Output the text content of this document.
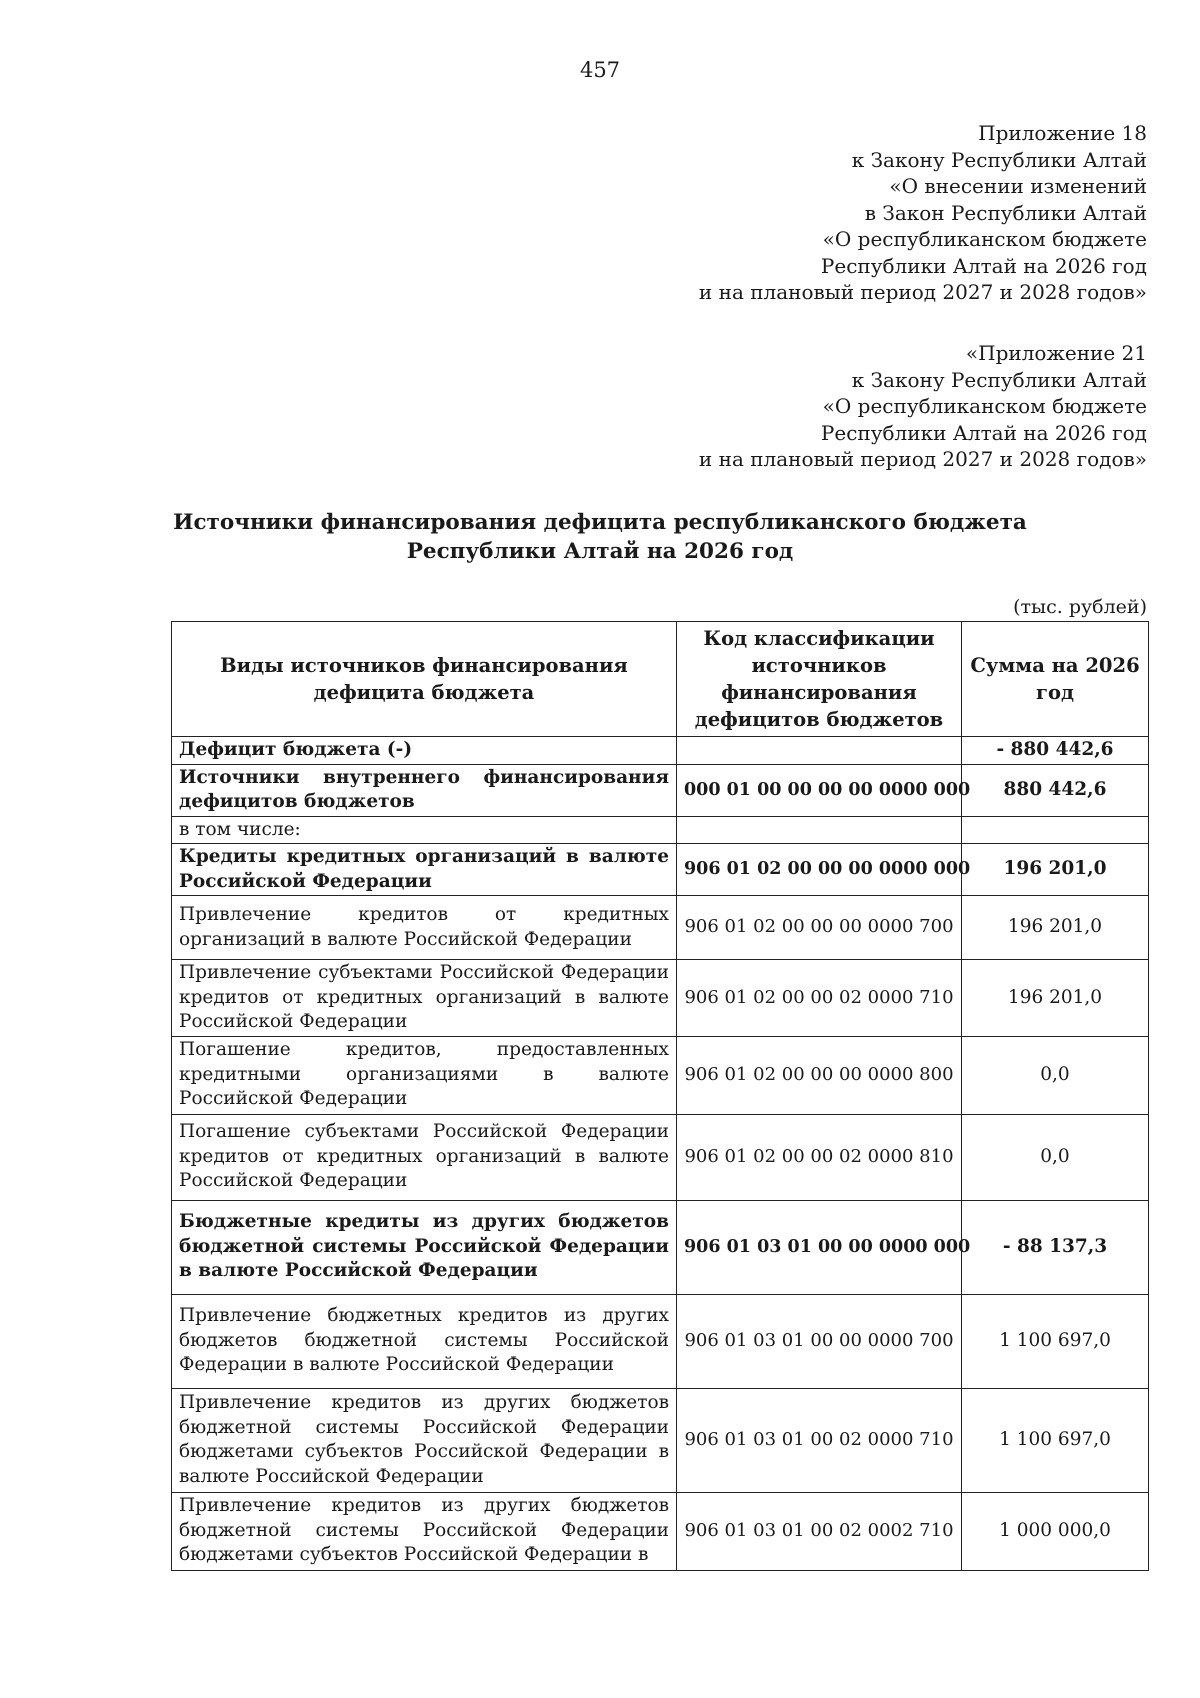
457
Приложение 18
к Закону Республики Алтай
«О внесении изменений
в Закон Республики Алтай
«О республиканском бюджете
Республики Алтай на 2026 год
и на плановый период 2027 и 2028 годов»
«Приложение 21
к Закону Республики Алтай
«О республиканском бюджете
Республики Алтай на 2026 год
и на плановый период 2027 и 2028 годов»
Источники финансирования дефицита республиканского бюджета
Республики Алтай на 2026 год
(тыс. рублей)
Виды источников финансирования дефицита бюджета	Код классификации источников финансирования дефицитов бюджетов	Сумма на 2026 год
Дефицит бюджета (-)		- 880 442,6
Источники внутреннего финансирования дефицитов бюджетов	000 01 00 00 00 00 0000 000	880 442,6
в том числе:		
Кредиты кредитных организаций в валюте Российской Федерации	906 01 02 00 00 00 0000 000	196 201,0
Привлечение кредитов от кредитных организаций в валюте Российской Федерации	906 01 02 00 00 00 0000 700	196 201,0
Привлечение субъектами Российской Федерации кредитов от кредитных организаций в валюте Российской Федерации	906 01 02 00 00 02 0000 710	196 201,0
Погашение кредитов, предоставленных кредитными организациями в валюте Российской Федерации	906 01 02 00 00 00 0000 800	0,0
Погашение субъектами Российской Федерации кредитов от кредитных организаций в валюте Российской Федерации	906 01 02 00 00 02 0000 810	0,0
Бюджетные кредиты из других бюджетов бюджетной системы Российской Федерации в валюте Российской Федерации	906 01 03 01 00 00 0000 000	- 88 137,3
Привлечение бюджетных кредитов из других бюджетов бюджетной системы Российской Федерации в валюте Российской Федерации	906 01 03 01 00 00 0000 700	1 100 697,0
Привлечение кредитов из других бюджетов бюджетной системы Российской Федерации бюджетами субъектов Российской Федерации в валюте Российской Федерации	906 01 03 01 00 02 0000 710	1 100 697,0
Привлечение кредитов из других бюджетов бюджетной системы Российской Федерации бюджетами субъектов Российской Федерации в	906 01 03 01 00 02 0002 710	1 000 000,0
